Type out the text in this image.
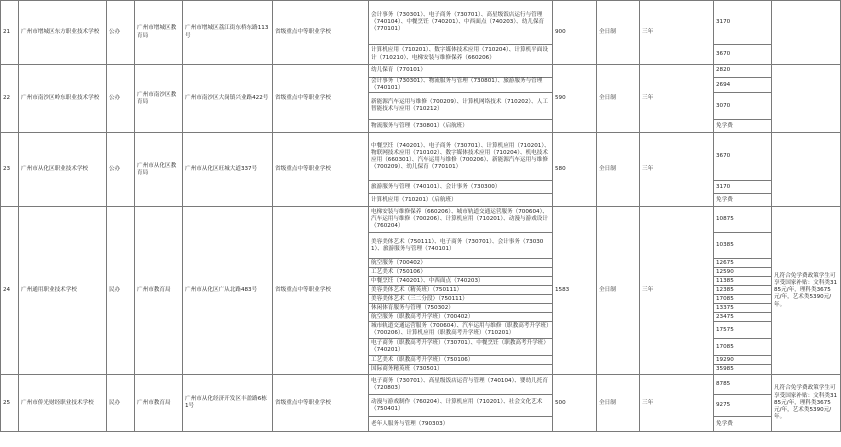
21	广州市增城区东方职业技术学校	公办	广州市增城区教育局	广州市增城区荔江街东桥东路113号	省级重点中等职业学校	会计事务（730301）、电子商务（730701）、高星级饭店运行与管理（740104）、中餐烹饪（740201）、中西面点（740203）、幼儿保育（770101）	900	全日制	三年	3170	
						计算机应用（710201）、数字媒体技术应用（710204）、计算机平面设计（710210）、电梯安装与维修保养（660206）				3670	
22	广州市南沙区岭东职业技术学校	公办	广州市南沙区教育局	广州市南沙区大岗镇兴业路422号	省级重点中等职业学校	幼儿保育（770101）	590	全日制	三年	2820	
						会计事务（730301）、物流服务与管理（730801）、旅游服务与管理（740101）				2694	
						新能源汽车运用与维修（700209）、计算机网络技术（710202）、人工智能技术与应用（710212）				3070	
						物流服务与管理（730801）（启航班）				免学费	
23	广州市从化区职业技术学校	公办	广州市从化区教育局	广州市从化区旺城大道337号	省级重点中等职业学校	中餐烹饪（740201）、电子商务（730701）、计算机应用（710201）、物联网技术应用（710102）、数字媒体技术应用（710204）、机电技术应用（660301）、汽车运用与维修（700206）、新能源汽车运用与维修（700209）、幼儿保育（770101）	580	全日制	三年	3670	
						旅游服务与管理（740101）、会计事务（730300）				3170	
						计算机应用（710201）（启航班）				免学费	
24	广州通用职业技术学校	民办	广州市教育局	广州市从化区广从北路483号	省级重点中等职业学校	电梯安装与维修保养（660206）、城市轨道交通运营服务（700604）、汽车运用与维修（700206）、计算机应用（710201）、动漫与游戏设计（760204）	1583	全日制	三年	10875	凡符合免学费政策学生可享受国家补贴：文科类3185元/年，理科类3675元/年，艺术类5390元/年。
						美容美体艺术（750111）、电子商务（730701）、会计事务（730301）、旅游服务与管理（740101）				10385	
						航空服务（700402）				12675	
						工艺美术（750106）				12590	
						中餐烹饪（740201）、中西面点（740203）				11385	
						美容美体艺术（精英班）（750111）				12385	
						美容美体艺术（三二分段）（750111）				17085	
						休闲体育服务与管理（750302）				13375	
						航空服务（职教高考升学班）（700402）				23475	
						城市轨道交通运营服务（700604）、汽车运用与维修（职教高考升学班）（700206）、计算机应用（职教高考升学班）（710201）				17575	
						电子商务（职教高考升学班）（730701）、中餐烹饪（职教高考升学班）（740201）				17085	
						工艺美术（职教高考升学班）（750106）				19290	
						国际商务精英班（730501）				35985	
25	广州市侨光财经职业技术学校	民办	广州市教育局	广州市从化经济开发区丰盈路6栋1号	省级重点中等职业学校	电子商务（730701）、高星级饭店运营与管理（740104）、婴幼儿托育（720803）	500	全日制	三年	8785	凡符合免学费政策学生可享受国家补贴：文科类3185元/年，理科类3675元/年，艺术类5390元/年。
						动漫与游戏制作（760204）、计算机应用（710201）、社会文化艺术（750401）				9275	
						老年人服务与管理（790303）				免学费	
